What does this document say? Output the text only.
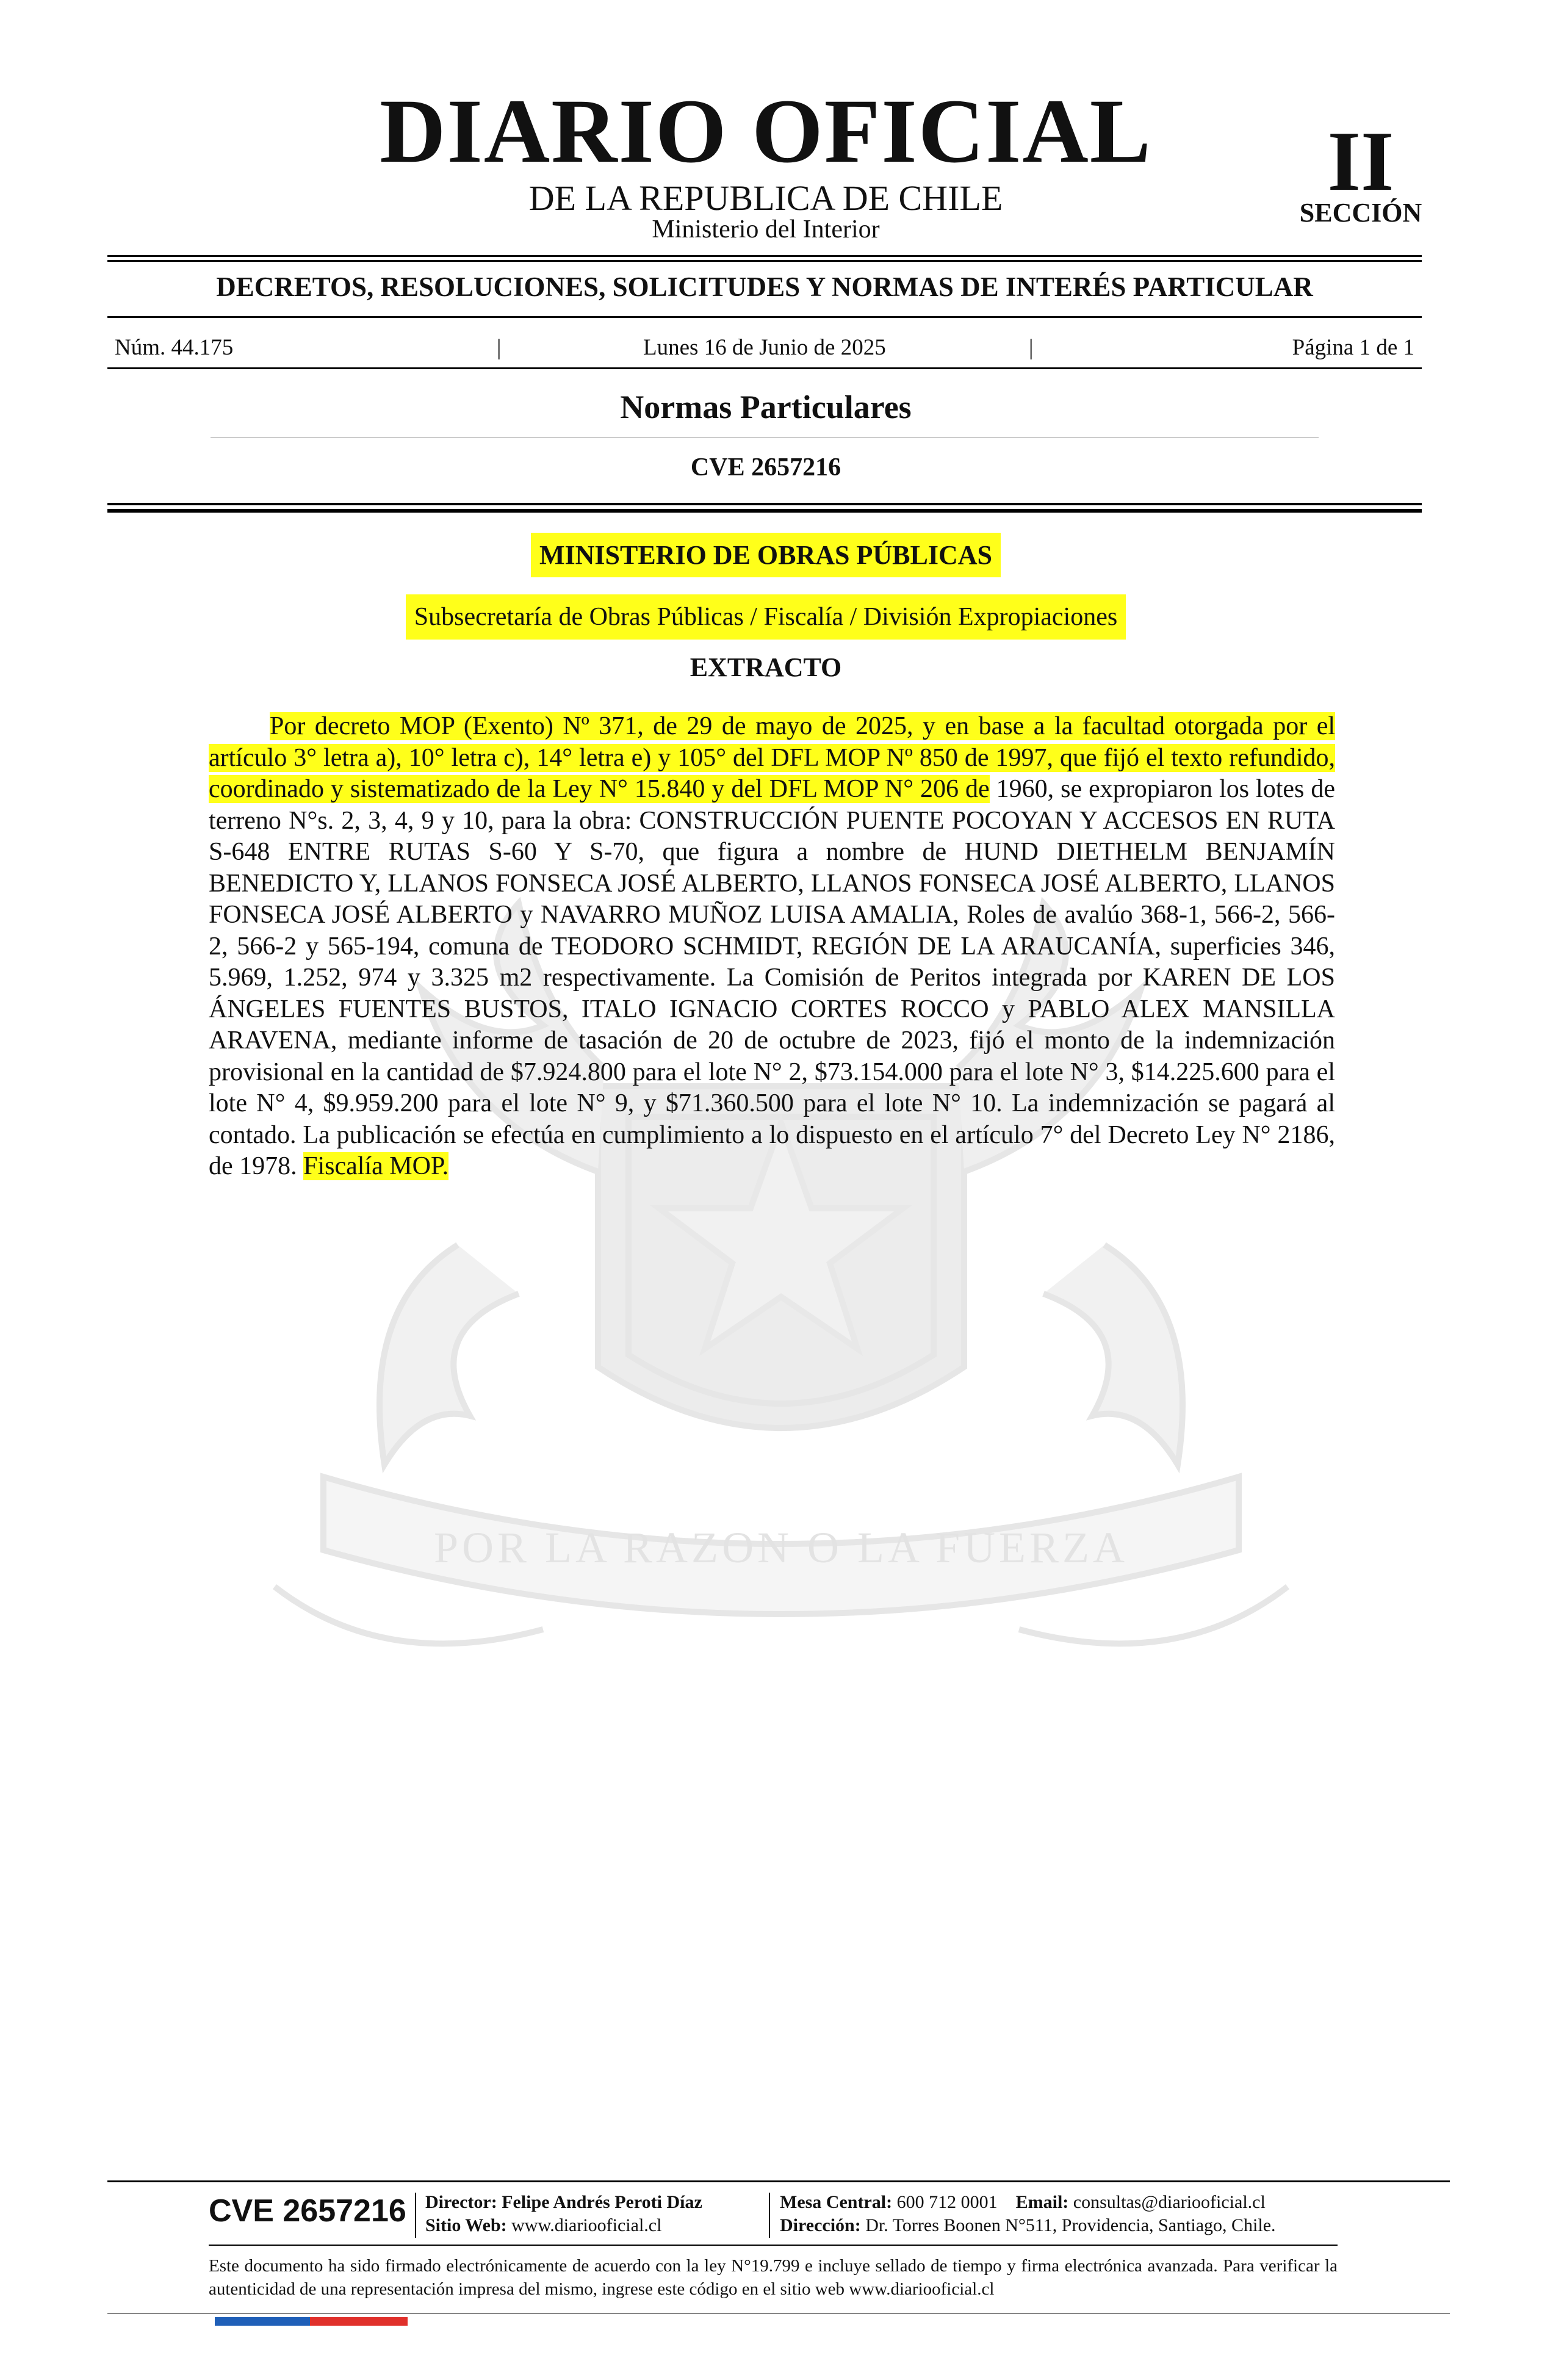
DIARIO OFICIAL
DE LA REPUBLICA DE CHILE
Ministerio del Interior
II
SECCIÓN
DECRETOS, RESOLUCIONES, SOLICITUDES Y NORMAS DE INTERÉS PARTICULAR
Núm. 44.175	|	Lunes 16 de Junio de 2025	|	Página 1 de 1
Normas Particulares
CVE 2657216
POR LA RAZON O LA FUERZA
MINISTERIO DE OBRAS PÚBLICAS
Subsecretaría de Obras Públicas / Fiscalía / División Expropiaciones
EXTRACTO
Por decreto MOP (Exento) Nº 371, de 29 de mayo de 2025, y en base a la facultad otorgada por el artículo 3° letra a), 10° letra c), 14° letra e) y 105° del DFL MOP Nº 850 de 1997, que fijó el texto refundido, coordinado y sistematizado de la Ley N° 15.840 y del DFL MOP N° 206 de 1960, se expropiaron los lotes de terreno N°s. 2, 3, 4, 9 y 10, para la obra: CONSTRUCCIÓN PUENTE POCOYAN Y ACCESOS EN RUTA S-648 ENTRE RUTAS S-60 Y S-70, que figura a nombre de HUND DIETHELM BENJAMÍN BENEDICTO Y, LLANOS FONSECA JOSÉ ALBERTO, LLANOS FONSECA JOSÉ ALBERTO, LLANOS FONSECA JOSÉ ALBERTO y NAVARRO MUÑOZ LUISA AMALIA, Roles de avalúo 368-1, 566-2, 566-2, 566-2 y 565-194, comuna de TEODORO SCHMIDT, REGIÓN DE LA ARAUCANÍA, superficies 346, 5.969, 1.252, 974 y 3.325 m2 respectivamente. La Comisión de Peritos integrada por KAREN DE LOS ÁNGELES FUENTES BUSTOS, ITALO IGNACIO CORTES ROCCO y PABLO ALEX MANSILLA ARAVENA, mediante informe de tasación de 20 de octubre de 2023, fijó el monto de la indemnización provisional en la cantidad de $7.924.800 para el lote N° 2, $73.154.000 para el lote N° 3, $14.225.600 para el lote N° 4, $9.959.200 para el lote N° 9, y $71.360.500 para el lote N° 10. La indemnización se pagará al contado. La publicación se efectúa en cumplimiento a lo dispuesto en el artículo 7° del Decreto Ley N° 2186, de 1978. Fiscalía MOP.
CVE 2657216 Director: Felipe Andrés Peroti Díaz
Sitio Web: www.diariooficial.cl
Mesa Central: 600 712 0001 Email: consultas@diariooficial.cl
Dirección: Dr. Torres Boonen N°511, Providencia, Santiago, Chile.
Este documento ha sido firmado electrónicamente de acuerdo con la ley N°19.799 e incluye sellado de tiempo y firma electrónica avanzada. Para verificar la autenticidad de una representación impresa del mismo, ingrese este código en el sitio web www.diariooficial.cl
